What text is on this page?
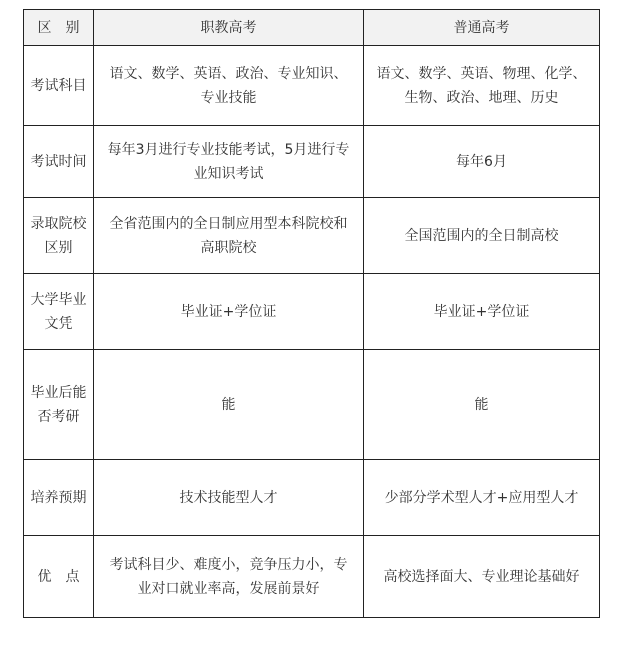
区　别	职教高考	普通高考
考试科目	语文、数学、英语、政治、专业知识、专业技能	语文、数学、英语、物理、化学、生物、政治、地理、历史
考试时间	每年3月进行专业技能考试，5月进行专业知识考试	每年6月
录取院校区别	全省范围内的全日制应用型本科院校和高职院校	全国范围内的全日制高校
大学毕业文凭	毕业证+学位证	毕业证+学位证
毕业后能否考研	能	能
培养预期	技术技能型人才	少部分学术型人才+应用型人才
优　点	考试科目少、难度小，竞争压力小，专业对口就业率高，发展前景好	高校选择面大、专业理论基础好
